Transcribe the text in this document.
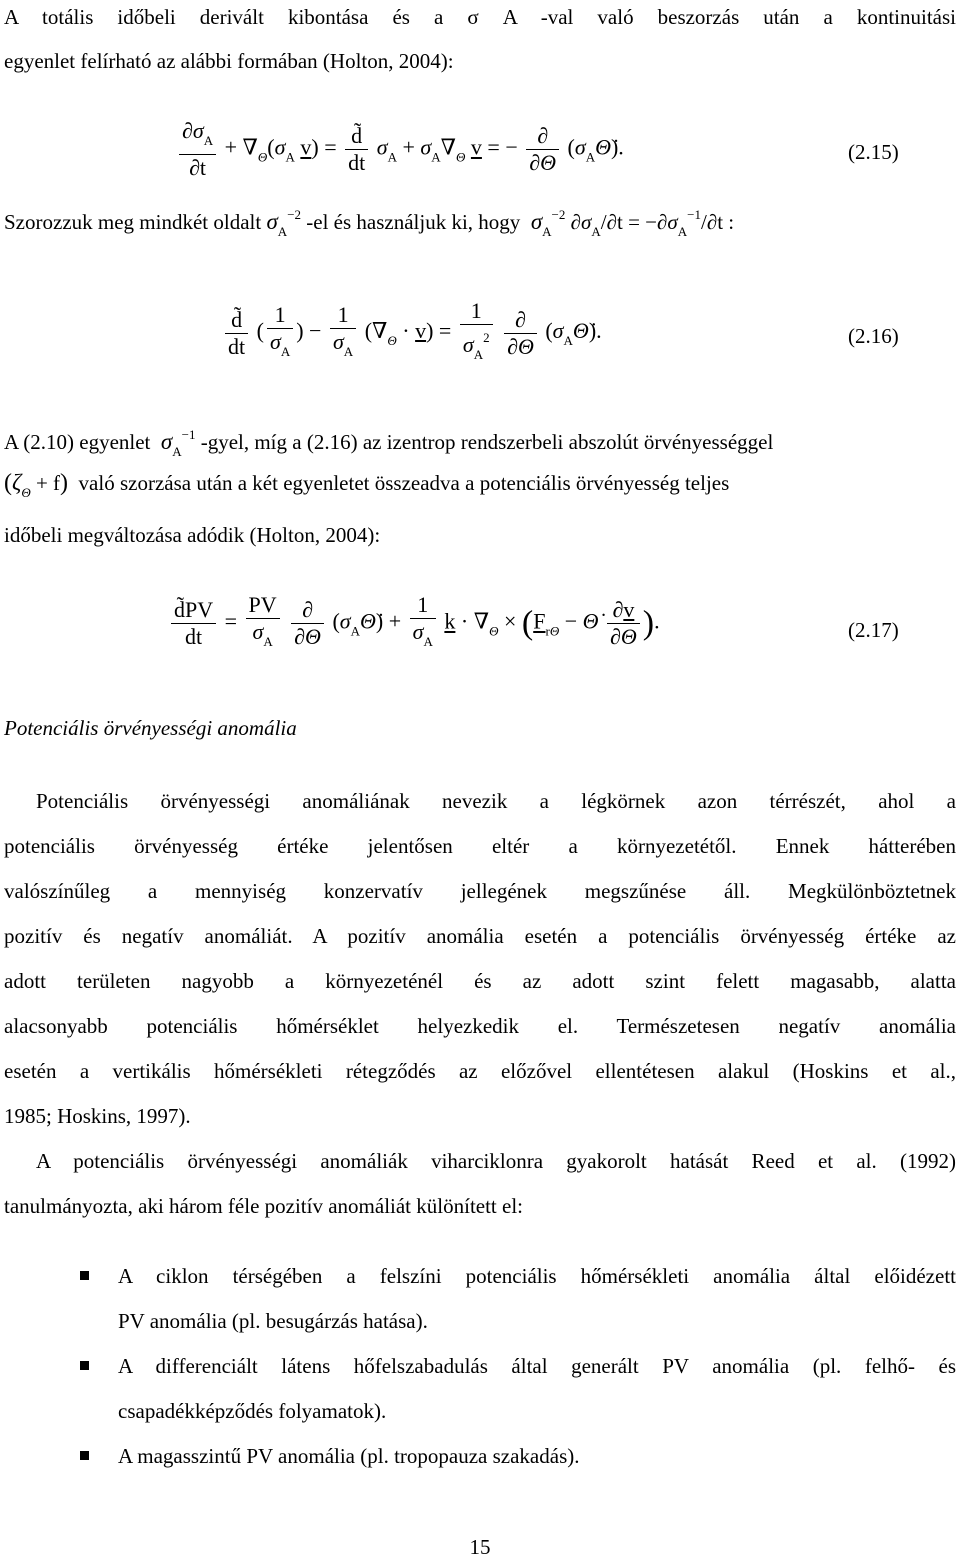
A totális időbeli derivált kibontása és a σ A -val való beszorzás után a kontinuitási
egyenlet felírható az alábbi formában (Holton, 2004):
$\frac{\partial\sigma_A}{\partial t} + \nabla_\Theta(\sigma_A$ $v) = \frac{d̃}{dt} \sigma_A + \sigma_A\nabla_\Theta$ v = − $\frac{\partial}{\partial\Theta}$ $(\sigma_A\Thetȧ)$.	(2.15)
Szorozzuk meg mindkét oldalt $\sigma_A^{-2}$ -el és használjuk ki, hogy $\sigma_A^{-2}$ $\partial\sigma_A/\partial t = -\partial\sigma_A^{-1}/\partial t$ :
$\frac{d̃}{dt}$ ( $\frac{1}{\sigma_A}$ ) − $\frac{1}{\sigma_A} (\nabla_\Theta \cdot v) = \frac{1}{\sigma_A^2}$
$\frac{\partial}{\partial\Theta}$ $(\sigma_A\Thetȧ)$.	(2.16)
A (2.10) egyenlet $\sigma_A^{-1}$ -gyel, míg a (2.16) az izentrop rendszerbeli abszolút örvényességgel
$(\zeta_\Theta + f)$ való szorzása után a két egyenletet összeadva a potenciális örvényesség teljes
időbeli megváltozása adódik (Holton, 2004):
$\frac{d̃PV}{dt} = \frac{PV}{\sigma_A}$
$\frac{\partial}{\partial\Theta}$ $(\sigma_A\Thetȧ) + \frac{1}{\sigma_A}$ $k \cdot \nabla_\Theta \times (F_{r\Theta}$ − Θ̇ $\frac{\partial v}{\partial\Theta}$ ).	(2.17)
Potenciális örvényességi anomália
Potenciális örvényességi anomáliának nevezik a légkörnek azon térrészét, ahol a
potenciális örvényesség értéke jelentősen eltér a környezetétől. Ennek hátterében
valószínűleg a mennyiség konzervatív jellegének megszűnése áll. Megkülönböztetnek
pozitív és negatív anomáliát. A pozitív anomália esetén a potenciális örvényesség értéke az
adott területen nagyobb a környezeténél és az adott szint felett magasabb, alatta
alacsonyabb potenciális hőmérséklet helyezkedik el. Természetesen negatív anomália
esetén a vertikális hőmérsékleti rétegződés az előzővel ellentétesen alakul (Hoskins et al.,
1985; Hoskins, 1997).
A potenciális örvényességi anomáliák viharciklonra gyakorolt hatását Reed et al. (1992)
tanulmányozta, aki három féle pozitív anomáliát különített el:
A ciklon térségében a felszíni potenciális hőmérsékleti anomália által előidézett
PV anomália (pl. besugárzás hatása).
A differenciált látens hőfelszabadulás által generált PV anomália (pl. felhő- és
csapadékképződés folyamatok).
A magasszintű PV anomália (pl. tropopauza szakadás).
15
